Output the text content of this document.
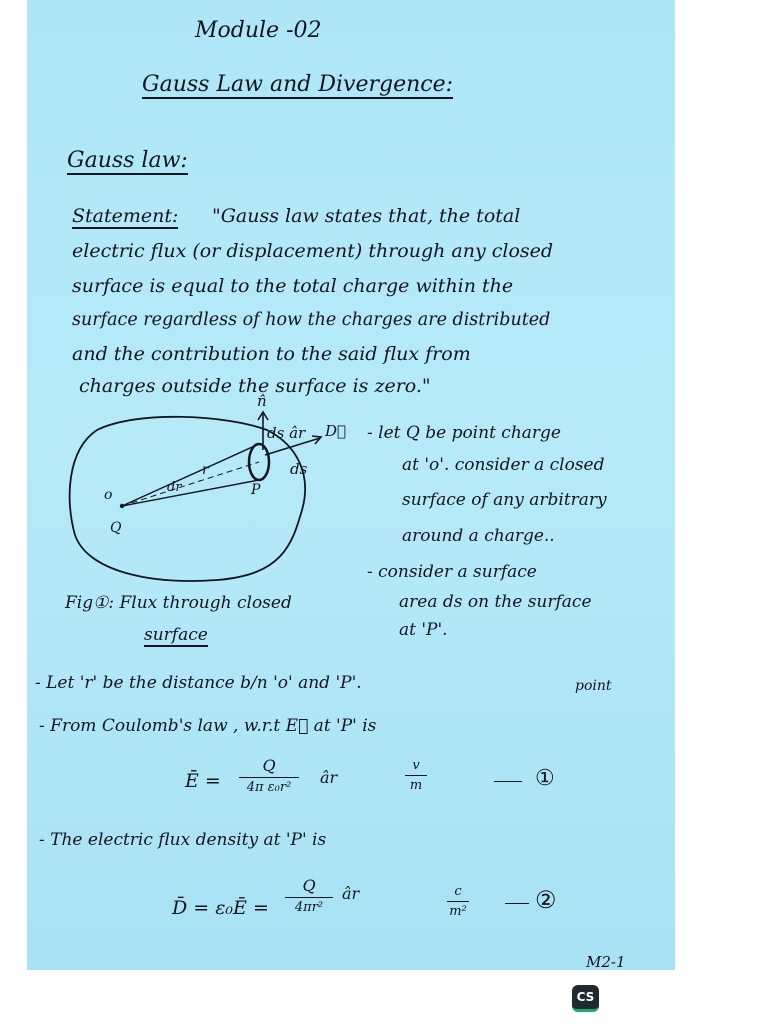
Module -02
Gauss Law and Divergence:
Gauss law:
Statement: "Gauss law states that, the total
electric flux (or displacement) through any closed
surface is equal to the total charge within the
surface regardless of how the charges are distributed
and the contribution to the said flux from
charges outside the surface is zero."
n̂
ds âr D⃗
ds
r
dr
o	P
Q
- let Q be point charge
at 'o'. consider a closed
surface of any arbitrary
around a charge..
- consider a surface
area ds on the surface
at 'P'.
Fig①: Flux through closed
surface
- Let 'r' be the distance b/n 'o' and 'P'.	point
- From Coulomb's law , w.r.t E⃗ at 'P' is
Ē =
Q
4π ε₀r²
âr
v
m	①
- The electric flux density at 'P' is
D̄ = ε₀Ē =
Q
4πr²
âr	c
m²	②
M2-1
CS
